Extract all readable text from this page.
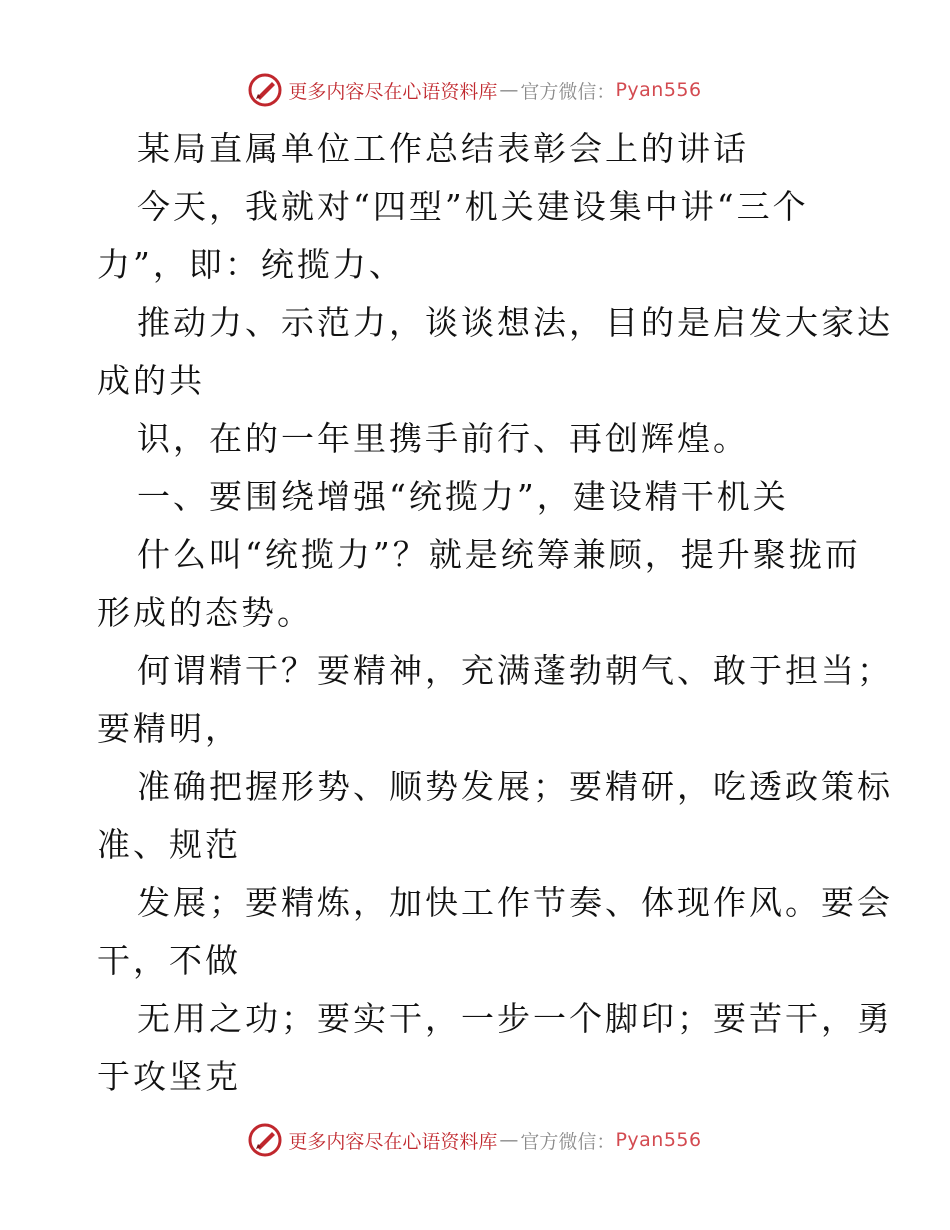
更多内容尽在心语资料库 — 官方微信： Pyan556

某局直属单位工作总结表彰会上的讲话

今天，我就对“四型”机关建设集中讲“三个
力”，即：统揽力、

推动力、示范力，谈谈想法，目的是启发大家达
成的共

识，在的一年里携手前行、再创辉煌。

一、要围绕增强“统揽力”，建设精干机关

什么叫“统揽力”？就是统筹兼顾，提升聚拢而
形成的态势。

何谓精干？要精神，充满蓬勃朝气、敢于担当；
要精明，

准确把握形势、顺势发展；要精研，吃透政策标
准、规范

发展；要精炼，加快工作节奏、体现作风。要会
干，不做

无用之功；要实干，一步一个脚印；要苦干，勇
于攻坚克

更多内容尽在心语资料库 — 官方微信： Pyan556
